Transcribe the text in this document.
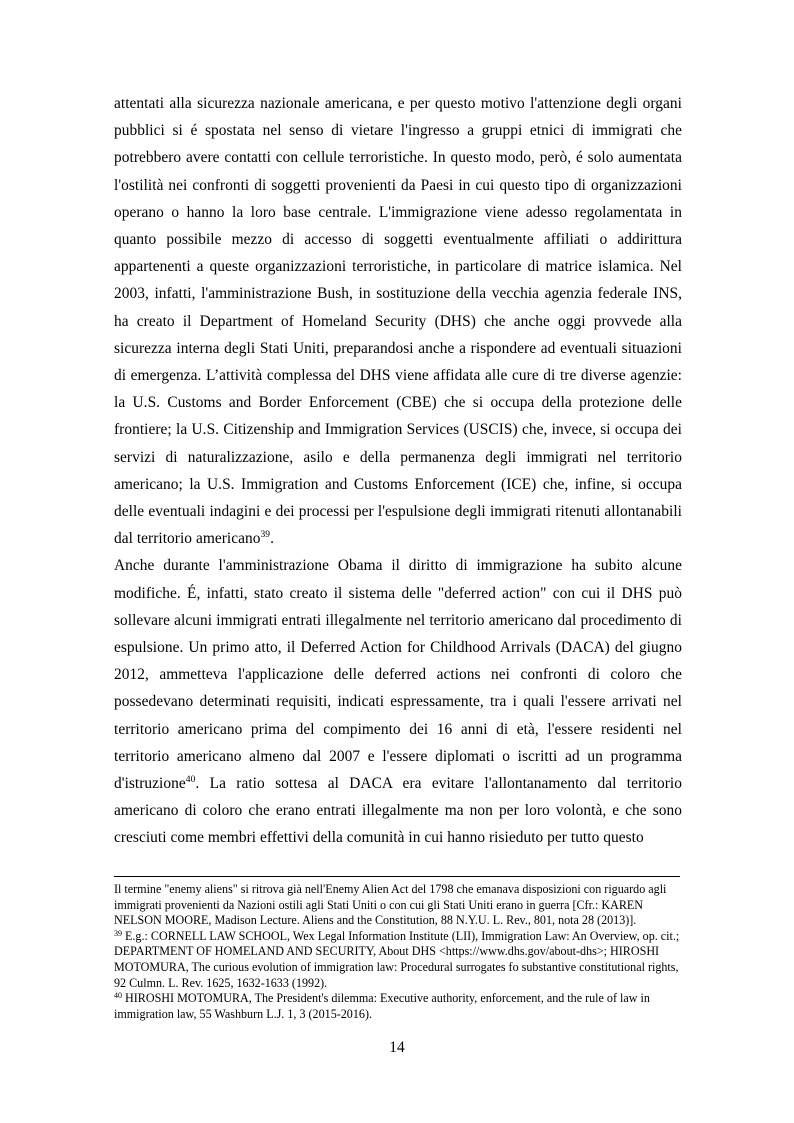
attentati alla sicurezza nazionale americana, e per questo motivo l'attenzione degli organi pubblici si é spostata nel senso di vietare l'ingresso a gruppi etnici di immigrati che potrebbero avere contatti con cellule terroristiche. In questo modo, però, é solo aumentata l'ostilità nei confronti di soggetti provenienti da Paesi in cui questo tipo di organizzazioni operano o hanno la loro base centrale. L'immigrazione viene adesso regolamentata in quanto possibile mezzo di accesso di soggetti eventualmente affiliati o addirittura appartenenti a queste organizzazioni terroristiche, in particolare di matrice islamica. Nel 2003, infatti, l'amministrazione Bush, in sostituzione della vecchia agenzia federale INS, ha creato il Department of Homeland Security (DHS) che anche oggi provvede alla sicurezza interna degli Stati Uniti, preparandosi anche a rispondere ad eventuali situazioni di emergenza. L’attività complessa del DHS viene affidata alle cure di tre diverse agenzie: la U.S. Customs and Border Enforcement (CBE) che si occupa della protezione delle frontiere; la U.S. Citizenship and Immigration Services (USCIS) che, invece, si occupa dei servizi di naturalizzazione, asilo e della permanenza degli immigrati nel territorio americano; la U.S. Immigration and Customs Enforcement (ICE) che, infine, si occupa delle eventuali indagini e dei processi per l'espulsione degli immigrati ritenuti allontanabili dal territorio americano$^{39}$.

Anche durante l'amministrazione Obama il diritto di immigrazione ha subito alcune modifiche. É, infatti, stato creato il sistema delle "deferred action" con cui il DHS può sollevare alcuni immigrati entrati illegalmente nel territorio americano dal procedimento di espulsione. Un primo atto, il Deferred Action for Childhood Arrivals (DACA) del giugno 2012, ammetteva l'applicazione delle deferred actions nei confronti di coloro che possedevano determinati requisiti, indicati espressamente, tra i quali l'essere arrivati nel territorio americano prima del compimento dei 16 anni di età, l'essere residenti nel territorio americano almeno dal 2007 e l'essere diplomati o iscritti ad un programma d'istruzione$^{40}$. La ratio sottesa al DACA era evitare l'allontanamento dal territorio americano di coloro che erano entrati illegalmente ma non per loro volontà, e che sono cresciuti come membri effettivi della comunità in cui hanno risieduto per tutto questo

Il termine "enemy aliens" si ritrova già nell'Enemy Alien Act del 1798 che emanava disposizioni con riguardo agli immigrati provenienti da Nazioni ostili agli Stati Uniti o con cui gli Stati Uniti erano in guerra [Cfr.: KAREN NELSON MOORE, Madison Lecture. Aliens and the Constitution, 88 N.Y.U. L. Rev., 801, nota 28 (2013)].

$^{39}$ E.g.: CORNELL LAW SCHOOL, Wex Legal Information Institute (LII), Immigration Law: An Overview, op. cit.; DEPARTMENT OF HOMELAND AND SECURITY, About DHS <https://www.dhs.gov/about-dhs>; HIROSHI MOTOMURA, The curious evolution of immigration law: Procedural surrogates fo substantive constitutional rights, 92 Culmn. L. Rev. 1625, 1632-1633 (1992).

$^{40}$ HIROSHI MOTOMURA, The President's dilemma: Executive authority, enforcement, and the rule of law in immigration law, 55 Washburn L.J. 1, 3 (2015-2016).

14
